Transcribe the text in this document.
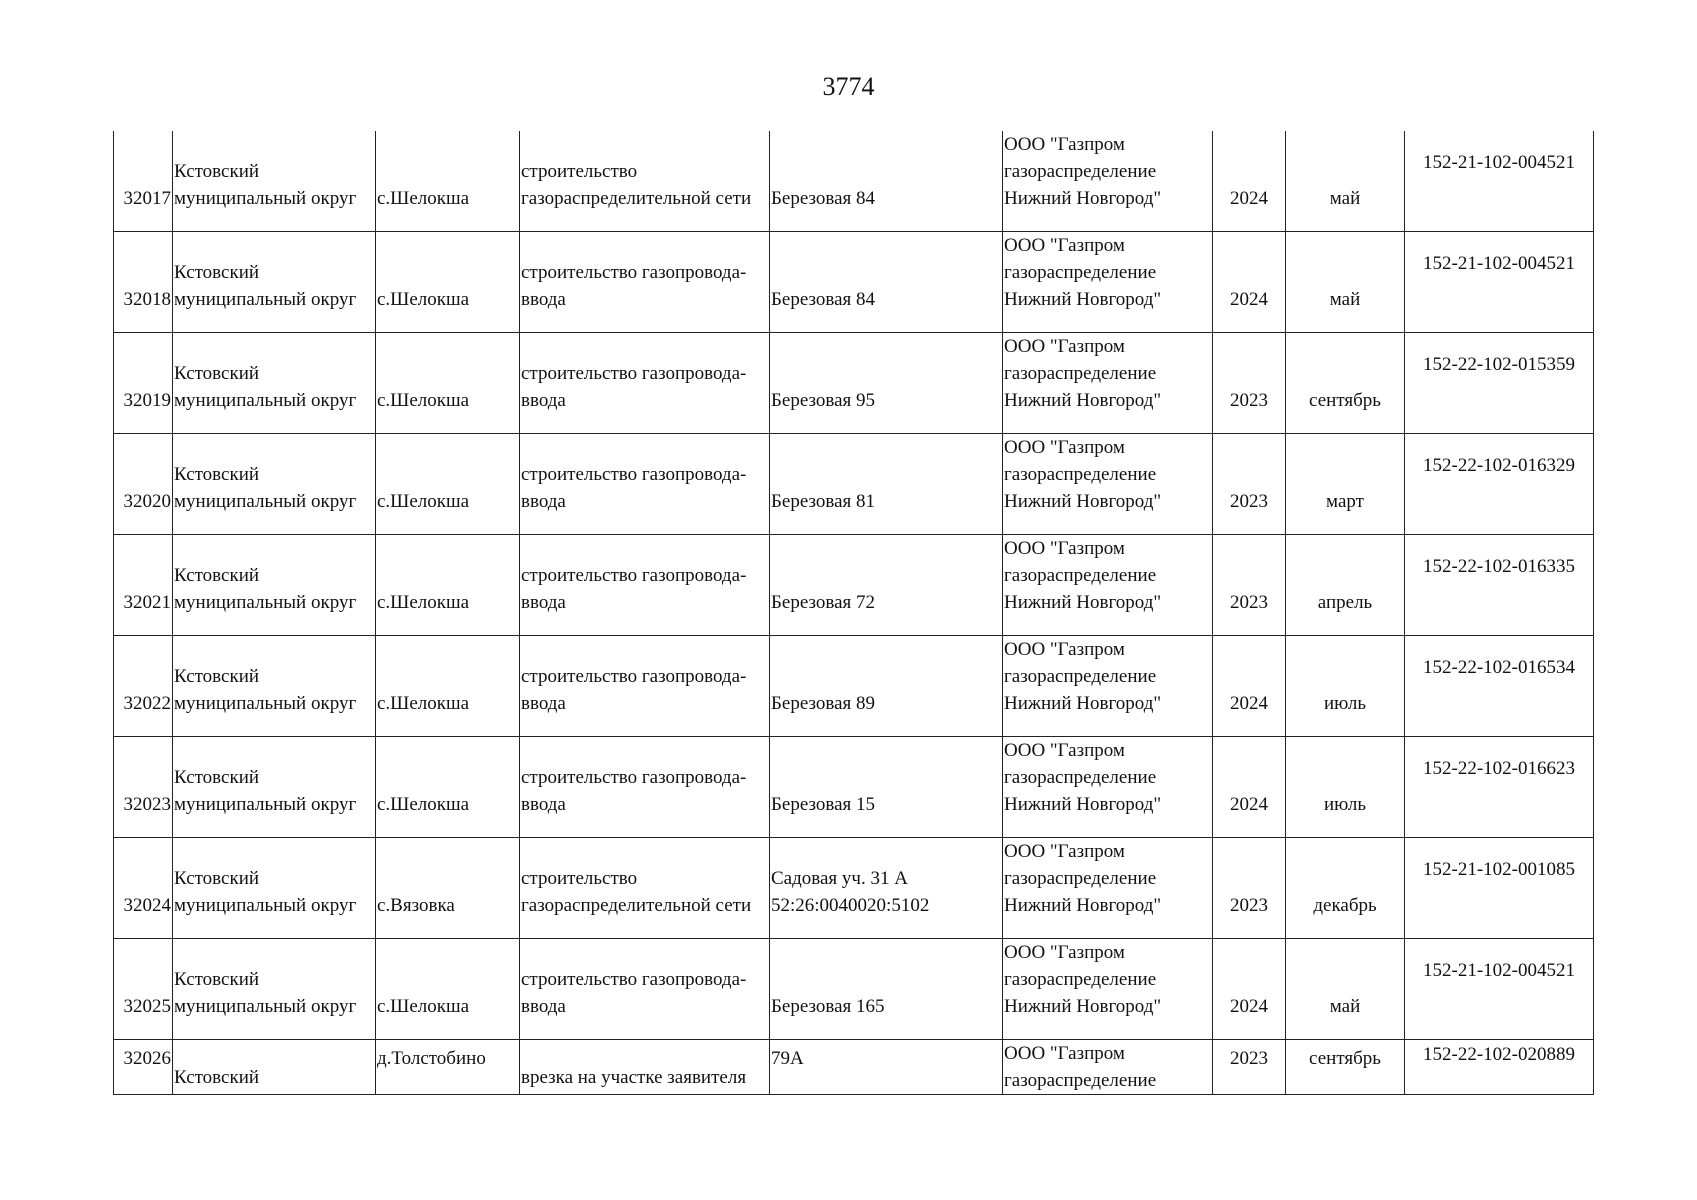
3774
32017	Кстовский
муниципальный округ	с.Шелокша	строительство
газораспределительной сети	Березовая 84	ООО "Газпром
газораспределение
Нижний Новгород"	2024	май	152-21-102-004521

32018	Кстовский
муниципальный округ	с.Шелокша	строительство газопровода-
ввода	Березовая 84	ООО "Газпром
газораспределение
Нижний Новгород"	2024	май	152-21-102-004521

32019	Кстовский
муниципальный округ	с.Шелокша	строительство газопровода-
ввода	Березовая 95	ООО "Газпром
газораспределение
Нижний Новгород"	2023	сентябрь	152-22-102-015359

32020	Кстовский
муниципальный округ	с.Шелокша	строительство газопровода-
ввода	Березовая 81	ООО "Газпром
газораспределение
Нижний Новгород"	2023	март	152-22-102-016329

32021	Кстовский
муниципальный округ	с.Шелокша	строительство газопровода-
ввода	Березовая 72	ООО "Газпром
газораспределение
Нижний Новгород"	2023	апрель	152-22-102-016335

32022	Кстовский
муниципальный округ	с.Шелокша	строительство газопровода-
ввода	Березовая 89	ООО "Газпром
газораспределение
Нижний Новгород"	2024	июль	152-22-102-016534

32023	Кстовский
муниципальный округ	с.Шелокша	строительство газопровода-
ввода	Березовая 15	ООО "Газпром
газораспределение
Нижний Новгород"	2024	июль	152-22-102-016623

32024	Кстовский
муниципальный округ	с.Вязовка	строительство
газораспределительной сети	Садовая уч. 31 А
52:26:0040020:5102	ООО "Газпром
газораспределение
Нижний Новгород"	2023	декабрь	152-21-102-001085

32025	Кстовский
муниципальный округ	с.Шелокша	строительство газопровода-
ввода	Березовая 165	ООО "Газпром
газораспределение
Нижний Новгород"	2024	май	152-21-102-004521

32026	Кстовский	д.Толстобино	врезка на участке заявителя	79А	ООО "Газпром
газораспределение	2023	сентябрь	152-22-102-020889
